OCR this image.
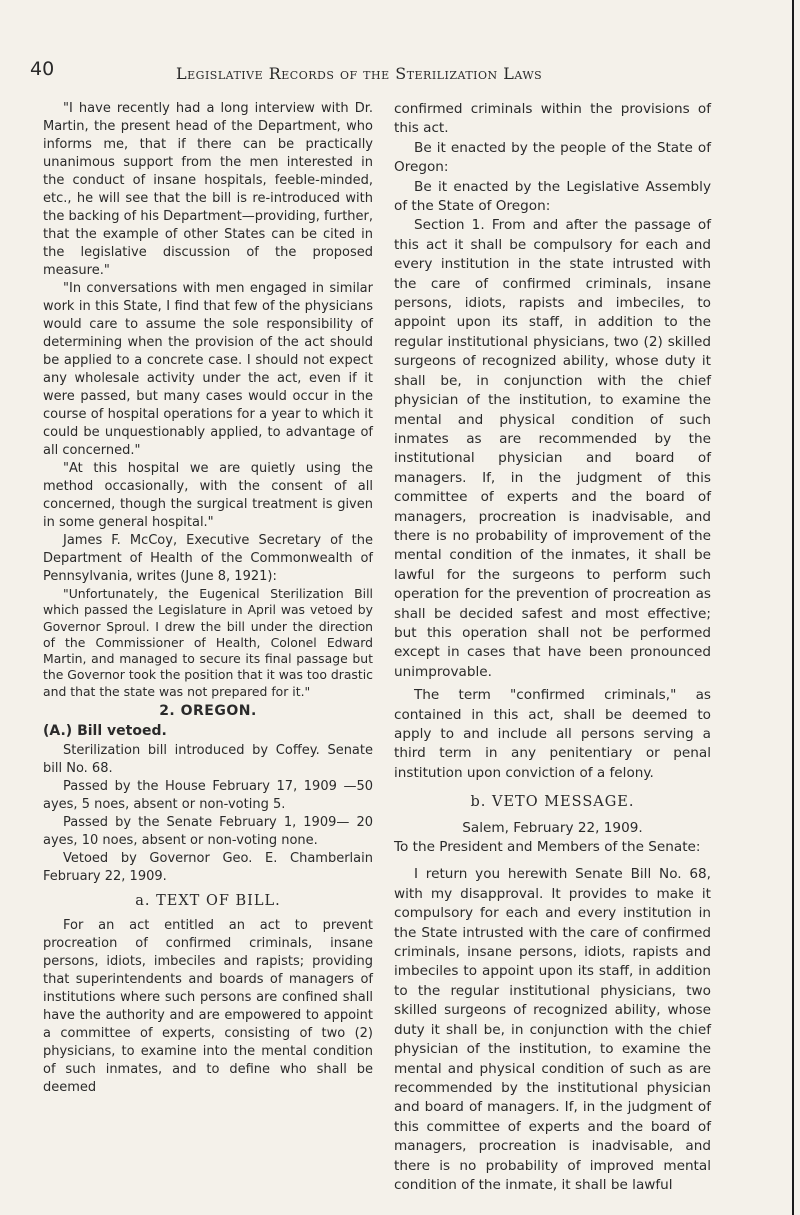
40	Legislative Records of the Sterilization Laws

"I have recently had a long interview with Dr. Martin, the present head of the Department, who informs me, that if there can be practically unanimous support from the men interested in the conduct of insane hospitals, feeble-minded, etc., he will see that the bill is re-introduced with the backing of his Department—providing, further, that the example of other States can be cited in the legislative discussion of the proposed measure."

"In conversations with men engaged in similar work in this State, I find that few of the physicians would care to assume the sole responsibility of determining when the provision of the act should be applied to a concrete case. I should not expect any wholesale activity under the act, even if it were passed, but many cases would occur in the course of hospital operations for a year to which it could be unquestionably applied, to advantage of all concerned."

"At this hospital we are quietly using the method occasionally, with the consent of all concerned, though the surgical treatment is given in some general hospital."

James F. McCoy, Executive Secretary of the Department of Health of the Commonwealth of Pennsylvania, writes (June 8, 1921):

"Unfortunately, the Eugenical Sterilization Bill which passed the Legislature in April was vetoed by Governor Sproul. I drew the bill under the direction of the Commissioner of Health, Colonel Edward Martin, and managed to secure its final passage but the Governor took the position that it was too drastic and that the state was not prepared for it."

2. OREGON.
(A.) Bill vetoed.

Sterilization bill introduced by Coffey. Senate bill No. 68.

Passed by the House February 17, 1909 —50 ayes, 5 noes, absent or non-voting 5.

Passed by the Senate February 1, 1909— 20 ayes, 10 noes, absent or non-voting none.

Vetoed by Governor Geo. E. Chamberlain February 22, 1909.

a. TEXT OF BILL.

For an act entitled an act to prevent procreation of confirmed criminals, insane persons, idiots, imbeciles and rapists; providing that superintendents and boards of managers of institutions where such persons are confined shall have the authority and are empowered to appoint a committee of experts, consisting of two (2) physicians, to examine into the mental condition of such inmates, and to define who shall be deemed

confirmed criminals within the provisions of this act.

Be it enacted by the people of the State of Oregon:

Be it enacted by the Legislative Assembly of the State of Oregon:

Section 1. From and after the passage of this act it shall be compulsory for each and every institution in the state intrusted with the care of confirmed criminals, insane persons, idiots, rapists and imbeciles, to appoint upon its staff, in addition to the regular institutional physicians, two (2) skilled surgeons of recognized ability, whose duty it shall be, in conjunction with the chief physician of the institution, to examine the mental and physical condition of such inmates as are recommended by the institutional physician and board of managers. If, in the judgment of this committee of experts and the board of managers, procreation is inadvisable, and there is no probability of improvement of the mental condition of the inmates, it shall be lawful for the surgeons to perform such operation for the prevention of procreation as shall be decided safest and most effective; but this operation shall not be performed except in cases that have been pronounced unimprovable.

The term "confirmed criminals," as contained in this act, shall be deemed to apply to and include all persons serving a third term in any penitentiary or penal institution upon conviction of a felony.

b. VETO MESSAGE.

Salem, February 22, 1909.

To the President and Members of the Senate:

I return you herewith Senate Bill No. 68, with my disapproval. It provides to make it compulsory for each and every institution in the State intrusted with the care of confirmed criminals, insane persons, idiots, rapists and imbeciles to appoint upon its staff, in addition to the regular institutional physicians, two skilled surgeons of recognized ability, whose duty it shall be, in conjunction with the chief physician of the institution, to examine the mental and physical condition of such as are recommended by the institutional physician and board of managers. If, in the judgment of this committee of experts and the board of managers, procreation is inadvisable, and there is no probability of improved mental condition of the inmate, it shall be lawful
